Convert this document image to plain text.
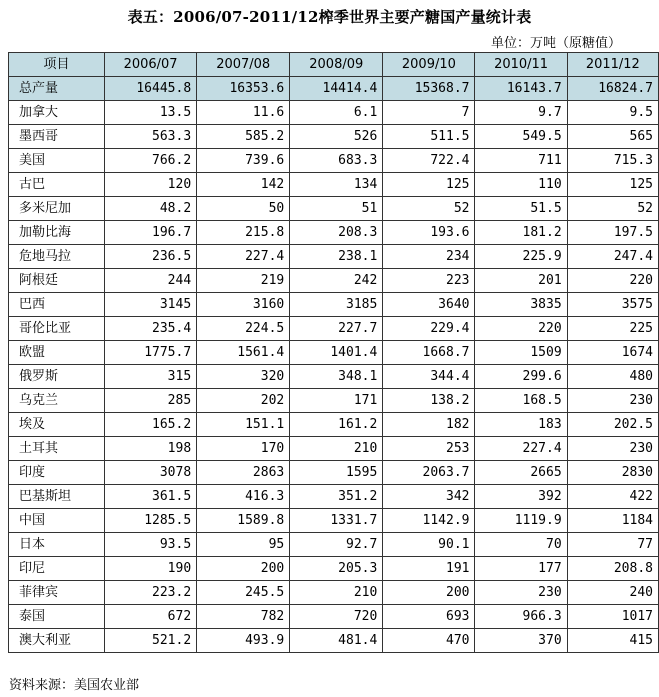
表五：2006/07-2011/12榨季世界主要产糖国产量统计表
单位：万吨（原糖值）
项目	2006/07	2007/08	2008/09	2009/10	2010/11	2011/12
总产量	16445.8	16353.6	14414.4	15368.7	16143.7	16824.7
加拿大	13.5	11.6	6.1	7	9.7	9.5
墨西哥	563.3	585.2	526	511.5	549.5	565
美国	766.2	739.6	683.3	722.4	711	715.3
古巴	120	142	134	125	110	125
多米尼加	48.2	50	51	52	51.5	52
加勒比海	196.7	215.8	208.3	193.6	181.2	197.5
危地马拉	236.5	227.4	238.1	234	225.9	247.4
阿根廷	244	219	242	223	201	220
巴西	3145	3160	3185	3640	3835	3575
哥伦比亚	235.4	224.5	227.7	229.4	220	225
欧盟	1775.7	1561.4	1401.4	1668.7	1509	1674
俄罗斯	315	320	348.1	344.4	299.6	480
乌克兰	285	202	171	138.2	168.5	230
埃及	165.2	151.1	161.2	182	183	202.5
土耳其	198	170	210	253	227.4	230
印度	3078	2863	1595	2063.7	2665	2830
巴基斯坦	361.5	416.3	351.2	342	392	422
中国	1285.5	1589.8	1331.7	1142.9	1119.9	1184
日本	93.5	95	92.7	90.1	70	77
印尼	190	200	205.3	191	177	208.8
菲律宾	223.2	245.5	210	200	230	240
泰国	672	782	720	693	966.3	1017
澳大利亚	521.2	493.9	481.4	470	370	415
资料来源：美国农业部
